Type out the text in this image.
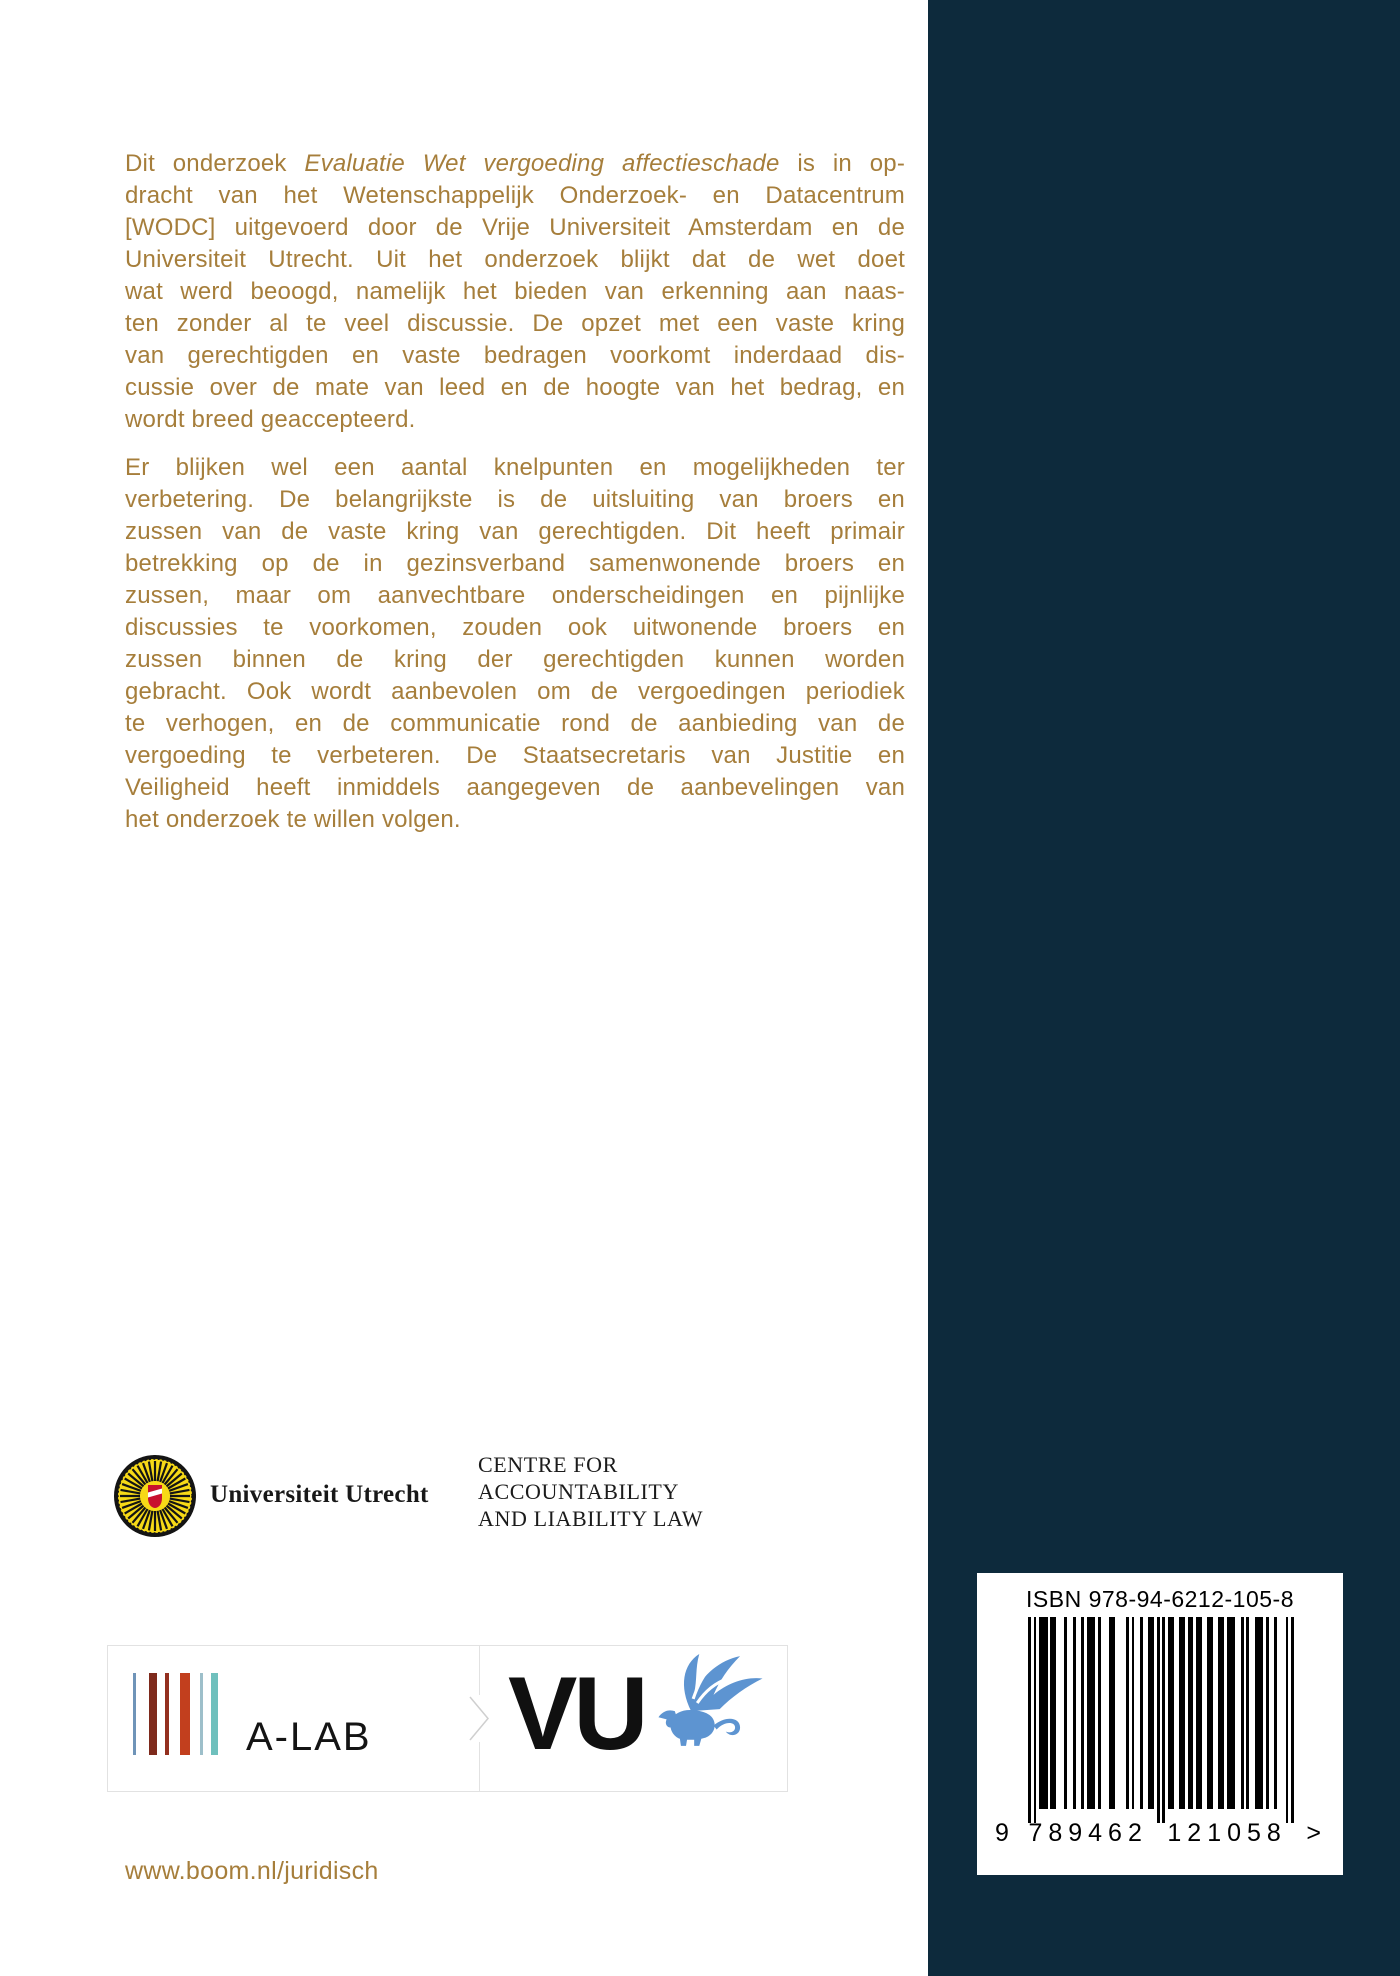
Dit onderzoek Evaluatie Wet vergoeding affectieschade is in op-
dracht van het Wetenschappelijk Onderzoek- en Datacentrum
[WODC] uitgevoerd door de Vrije Universiteit Amsterdam en de
Universiteit Utrecht. Uit het onderzoek blijkt dat de wet doet
wat werd beoogd, namelijk het bieden van erkenning aan naas-
ten zonder al te veel discussie. De opzet met een vaste kring
van gerechtigden en vaste bedragen voorkomt inderdaad dis-
cussie over de mate van leed en de hoogte van het bedrag, en
wordt breed geaccepteerd.
Er blijken wel een aantal knelpunten en mogelijkheden ter
verbetering. De belangrijkste is de uitsluiting van broers en
zussen van de vaste kring van gerechtigden. Dit heeft primair
betrekking op de in gezinsverband samenwonende broers en
zussen, maar om aanvechtbare onderscheidingen en pijnlijke
discussies te voorkomen, zouden ook uitwonende broers en
zussen binnen de kring der gerechtigden kunnen worden
gebracht. Ook wordt aanbevolen om de vergoedingen periodiek
te verhogen, en de communicatie rond de aanbieding van de
vergoeding te verbeteren. De Staatsecretaris van Justitie en
Veiligheid heeft inmiddels aangegeven de aanbevelingen van
het onderzoek te willen volgen.
Universiteit Utrecht
CENTRE FOR
ACCOUNTABILITY
AND LIABILITY LAW
A-LAB VU
ISBN 978-94-6212-105-8
9 789462 121058 >
www.boom.nl/juridisch
